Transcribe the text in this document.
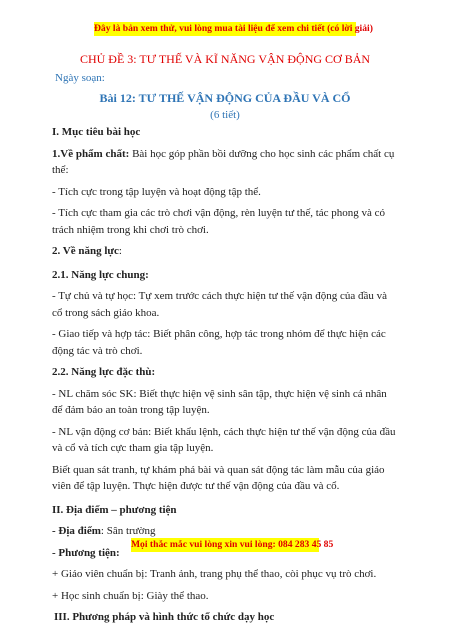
Đây là bản xem thử, vui lòng mua tài liệu để xem chi tiết (có lời giải)
CHỦ ĐỀ 3: TƯ THẾ VÀ KĨ NĂNG VẬN ĐỘNG CƠ BẢN
Ngày soạn:
Bài 12: TƯ THẾ VẬN ĐỘNG CỦA ĐẦU VÀ CỔ
(6 tiết)

I. Mục tiêu bài học

1.Về phẩm chất: Bài học góp phần bồi dưỡng cho học sinh các phẩm chất cụ thể:

- Tích cực trong tập luyện và hoạt động tập thể.

- Tích cực tham gia các trò chơi vận động, rèn luyện tư thế, tác phong và có trách nhiệm trong khi chơi trò chơi.

2. Về năng lực:

2.1. Năng lực chung:

- Tự chủ và tự học: Tự xem trước cách thực hiện tư thế vận động của đầu và cổ trong sách giáo khoa.

- Giao tiếp và hợp tác: Biết phân công, hợp tác trong nhóm để thực hiện các động tác và trò chơi.

2.2. Năng lực đặc thù:

- NL chăm sóc SK: Biết thực hiện vệ sinh sân tập, thực hiện vệ sinh cá nhân để đảm bảo an toàn trong tập luyện.

- NL vận động cơ bản: Biết khẩu lệnh, cách thực hiện tư thế vận động của đầu và cổ và tích cực tham gia tập luyện.

Biết quan sát tranh, tự khám phá bài và quan sát động tác làm mẫu của giáo viên để tập luyện. Thực hiện được tư thế vận động của đầu và cổ.

II. Địa điểm – phương tiện

- Địa điểm: Sân trường

- Phương tiện:

+ Giáo viên chuẩn bị: Tranh ảnh, trang phụ thể thao, còi phục vụ trò chơi.

+ Học sinh chuẩn bị: Giày thể thao.

III. Phương pháp và hình thức tổ chức dạy học

Mọi thắc mắc vui lòng xin vui lòng: 084 283 45 85
